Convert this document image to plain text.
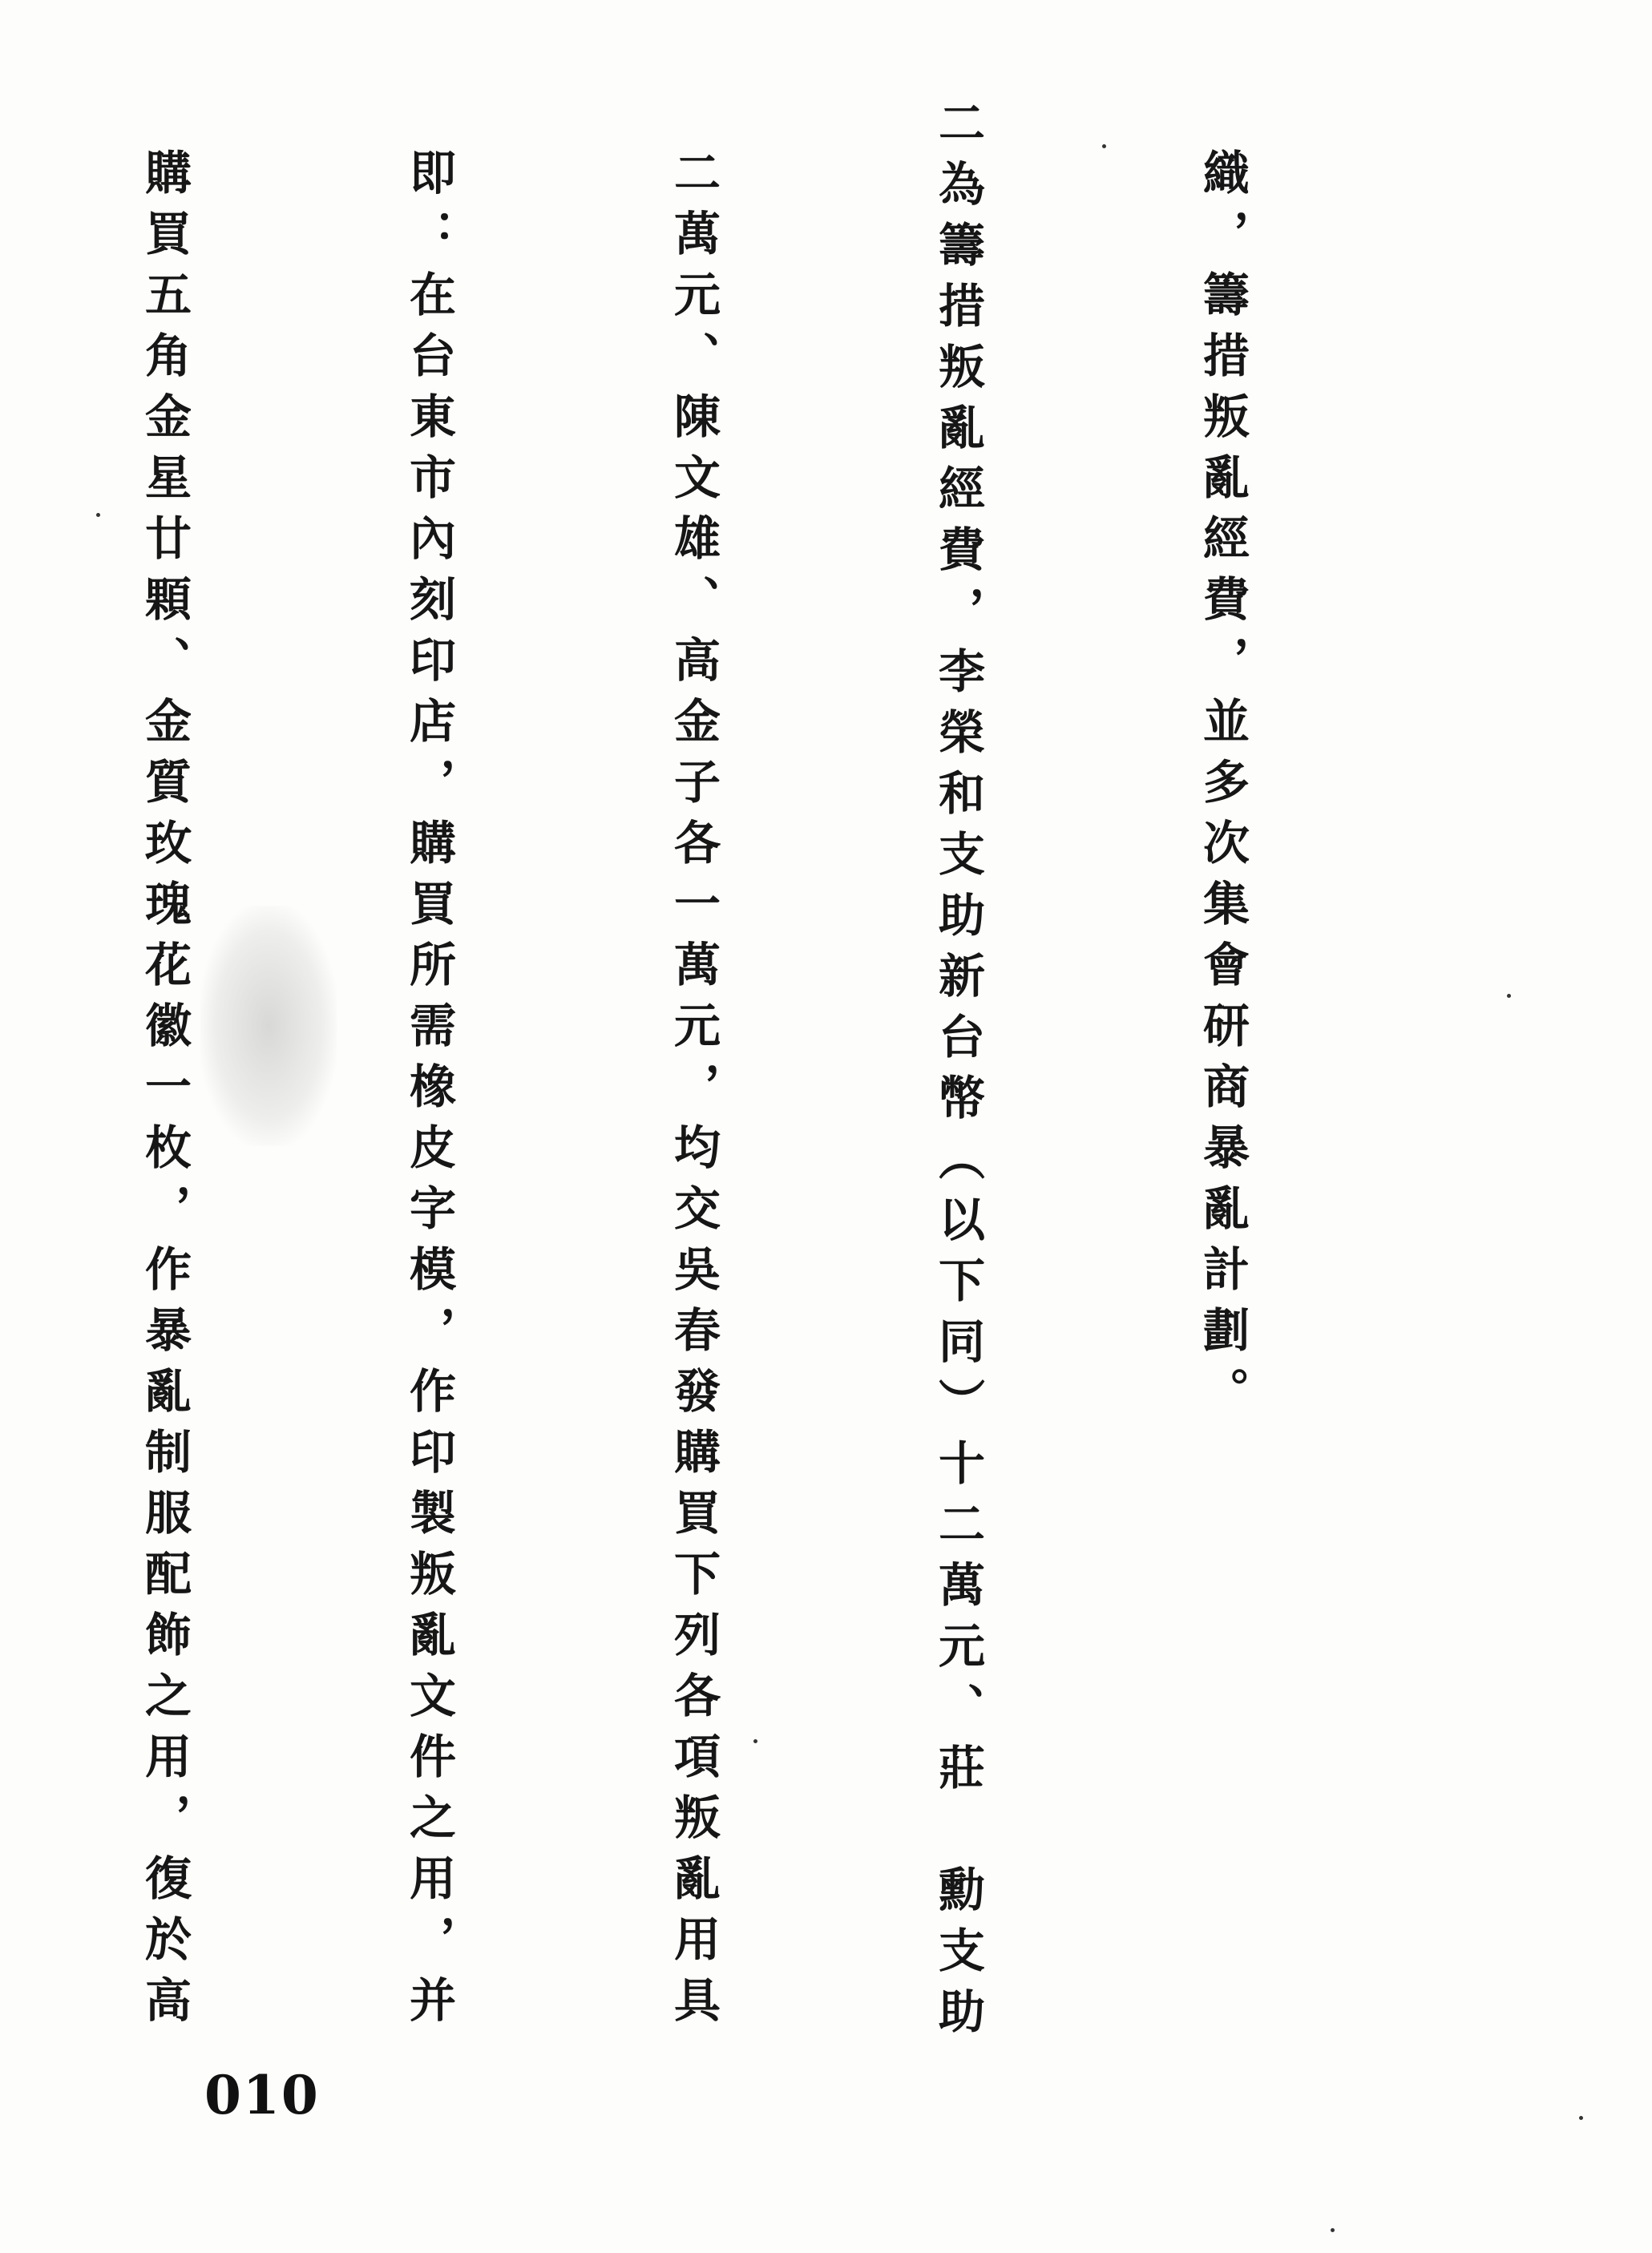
織，籌措叛亂經費，並多次集會研商暴亂計劃。

二為籌措叛亂經費，李榮和支助新台幣（以下同）十二萬元、莊　勳支助

二萬元、陳文雄、高金子各一萬元，均交吳春發購買下列各項叛亂用具

即：在台東市內刻印店，購買所需橡皮字模，作印製叛亂文件之用，并

購買五角金星廿顆、金質玫瑰花徽一枚，作暴亂制服配飾之用，復於高

010
